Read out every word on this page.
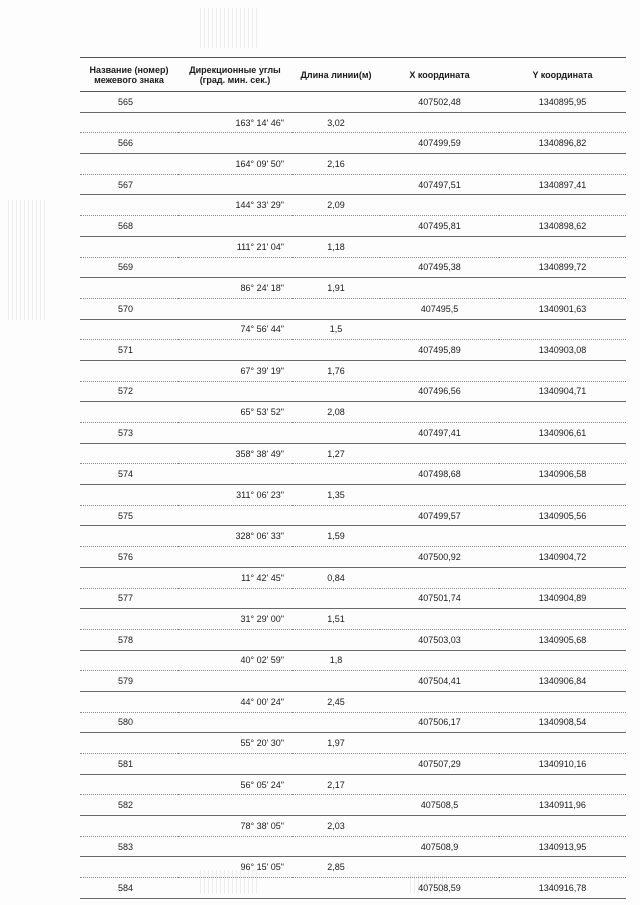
Название (номер) межевого знака	Дирекционные углы (град. мин. сек.)	Длина линии(м)	X координата	Y координата
565			407502,48	1340895,95
	163° 14' 46"	3,02		
566			407499,59	1340896,82
	164° 09' 50"	2,16		
567			407497,51	1340897,41
	144° 33' 29"	2,09		
568			407495,81	1340898,62
	111° 21' 04"	1,18		
569			407495,38	1340899,72
	86° 24' 18"	1,91		
570			407495,5	1340901,63
	74° 56' 44"	1,5		
571			407495,89	1340903,08
	67° 39' 19"	1,76		
572			407496,56	1340904,71
	65° 53' 52"	2,08		
573			407497,41	1340906,61
	358° 38' 49"	1,27		
574			407498,68	1340906,58
	311° 06' 23"	1,35		
575			407499,57	1340905,56
	328° 06' 33"	1,59		
576			407500,92	1340904,72
	11° 42' 45"	0,84		
577			407501,74	1340904,89
	31° 29' 00"	1,51		
578			407503,03	1340905,68
	40° 02' 59"	1,8		
579			407504,41	1340906,84
	44° 00' 24"	2,45		
580			407506,17	1340908,54
	55° 20' 30"	1,97		
581			407507,29	1340910,16
	56° 05' 24"	2,17		
582			407508,5	1340911,96
	78° 38' 05"	2,03		
583			407508,9	1340913,95
	96° 15' 05"	2,85		
584			407508,59	1340916,78
